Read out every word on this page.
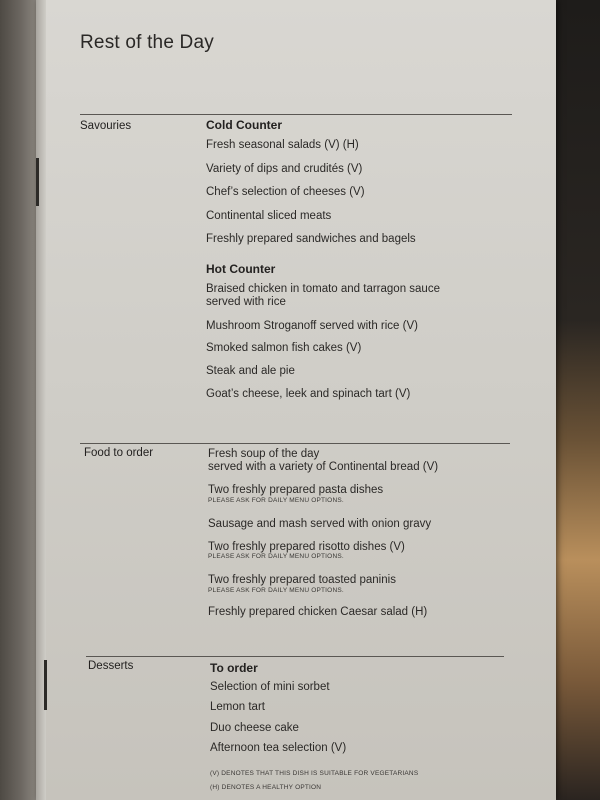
Rest of the Day
Savouries	Cold Counter
Fresh seasonal salads (V) (H)
Variety of dips and crudités (V)
Chef’s selection of cheeses (V)
Continental sliced meats
Freshly prepared sandwiches and bagels
Hot Counter
Braised chicken in tomato and tarragon sauce
served with rice
Mushroom Stroganoff served with rice (V)
Smoked salmon fish cakes (V)
Steak and ale pie
Goat’s cheese, leek and spinach tart (V)
Food to order	Fresh soup of the day
served with a variety of Continental bread (V)
Two freshly prepared pasta dishes
PLEASE ASK FOR DAILY MENU OPTIONS.
Sausage and mash served with onion gravy
Two freshly prepared risotto dishes (V)
PLEASE ASK FOR DAILY MENU OPTIONS.
Two freshly prepared toasted paninis
PLEASE ASK FOR DAILY MENU OPTIONS.
Freshly prepared chicken Caesar salad (H)
Desserts	To order
Selection of mini sorbet
Lemon tart
Duo cheese cake
Afternoon tea selection (V)
(V) DENOTES THAT THIS DISH IS SUITABLE FOR VEGETARIANS
(H) DENOTES A HEALTHY OPTION
